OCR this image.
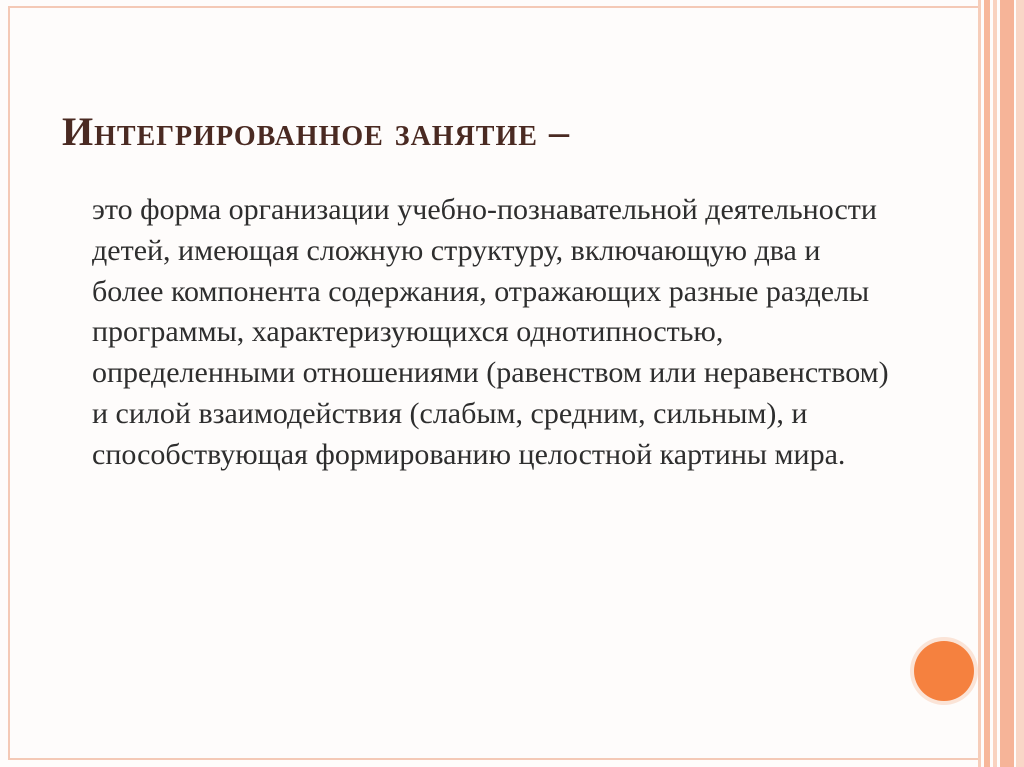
Интегрированное занятие –

это форма организации учебно-познавательной деятельности детей, имеющая сложную структуру, включающую два и более компонента содержания, отражающих разные разделы программы, характеризующихся однотипностью, определенными отношениями (равенством или неравенством) и силой взаимодействия (слабым, средним, сильным), и способствующая формированию целостной картины мира.
